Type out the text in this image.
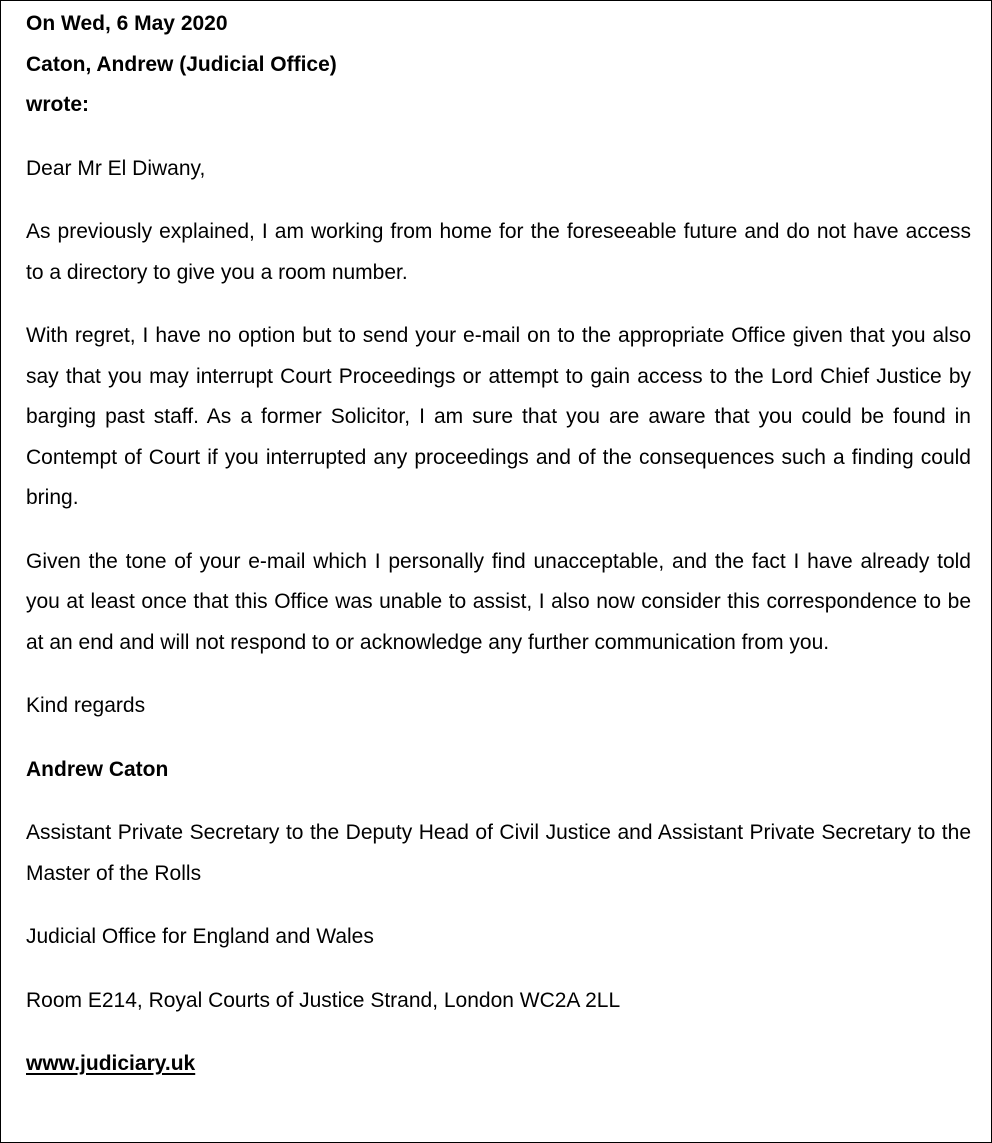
On Wed, 6 May 2020
Caton, Andrew (Judicial Office)
wrote:

Dear Mr El Diwany,

As previously explained, I am working from home for the foreseeable future and do not have access to a directory to give you a room number.

With regret, I have no option but to send your e-mail on to the appropriate Office given that you also say that you may interrupt Court Proceedings or attempt to gain access to the Lord Chief Justice by barging past staff. As a former Solicitor, I am sure that you are aware that you could be found in Contempt of Court if you interrupted any proceedings and of the consequences such a finding could bring.

Given the tone of your e-mail which I personally find unacceptable, and the fact I have already told you at least once that this Office was unable to assist, I also now consider this correspondence to be at an end and will not respond to or acknowledge any further communication from you.

Kind regards

Andrew Caton

Assistant Private Secretary to the Deputy Head of Civil Justice and Assistant Private Secretary to the Master of the Rolls

Judicial Office for England and Wales

Room E214, Royal Courts of Justice Strand, London WC2A 2LL

www.judiciary.uk
